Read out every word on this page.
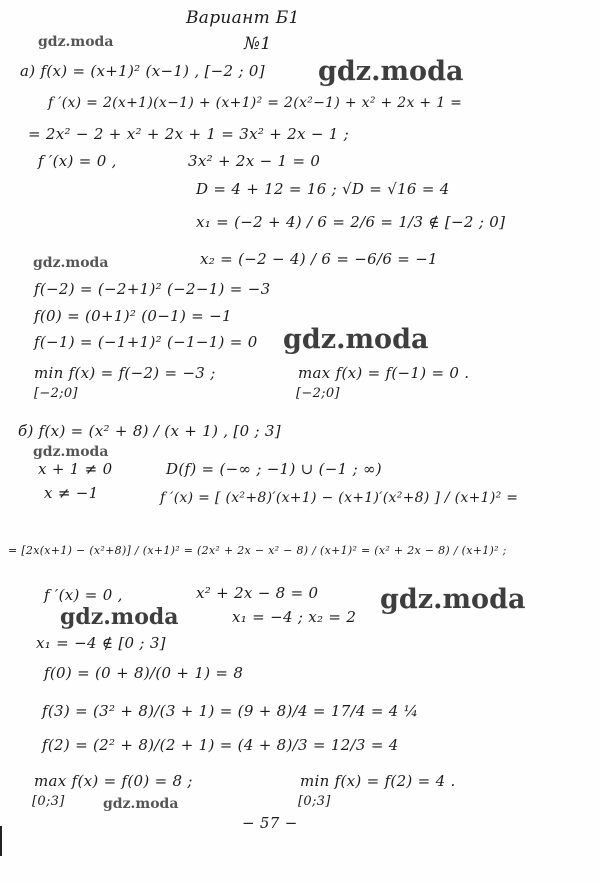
Вариант Б1
№1
gdz.moda
gdz.moda
gdz.moda
gdz.moda
gdz.moda
gdz.moda
gdz.moda
gdz.moda
а) f(x) = (x+1)² (x−1) , [−2 ; 0]
f ′(x) = 2(x+1)(x−1) + (x+1)² = 2(x²−1) + x² + 2x + 1 =
= 2x² − 2 + x² + 2x + 1 = 3x² + 2x − 1 ;
f ′(x) = 0 ,	3x² + 2x − 1 = 0
D = 4 + 12 = 16 ; √D = √16 = 4
x₁ = (−2 + 4) / 6 = 2/6 = 1/3 ∉ [−2 ; 0]
x₂ = (−2 − 4) / 6 = −6/6 = −1
f(−2) = (−2+1)² (−2−1) = −3
f(0) = (0+1)² (0−1) = −1
f(−1) = (−1+1)² (−1−1) = 0
min f(x) = f(−2) = −3 ;	max f(x) = f(−1) = 0 .
[−2;0]	[−2;0]
б) f(x) = (x² + 8) / (x + 1) , [0 ; 3]
x + 1 ≠ 0	D(f) = (−∞ ; −1) ∪ (−1 ; ∞)
x ≠ −1	f ′(x) = [ (x²+8)′(x+1) − (x+1)′(x²+8) ] / (x+1)² =
= [2x(x+1) − (x²+8)] / (x+1)² = (2x² + 2x − x² − 8) / (x+1)² = (x² + 2x − 8) / (x+1)² ;
f ′(x) = 0 ,	x² + 2x − 8 = 0
x₁ = −4 ; x₂ = 2
x₁ = −4 ∉ [0 ; 3]
f(0) = (0 + 8)/(0 + 1) = 8
f(3) = (3² + 8)/(3 + 1) = (9 + 8)/4 = 17/4 = 4 ¼
f(2) = (2² + 8)/(2 + 1) = (4 + 8)/3 = 12/3 = 4
max f(x) = f(0) = 8 ;	min f(x) = f(2) = 4 .
[0;3]	[0;3]
− 57 −
